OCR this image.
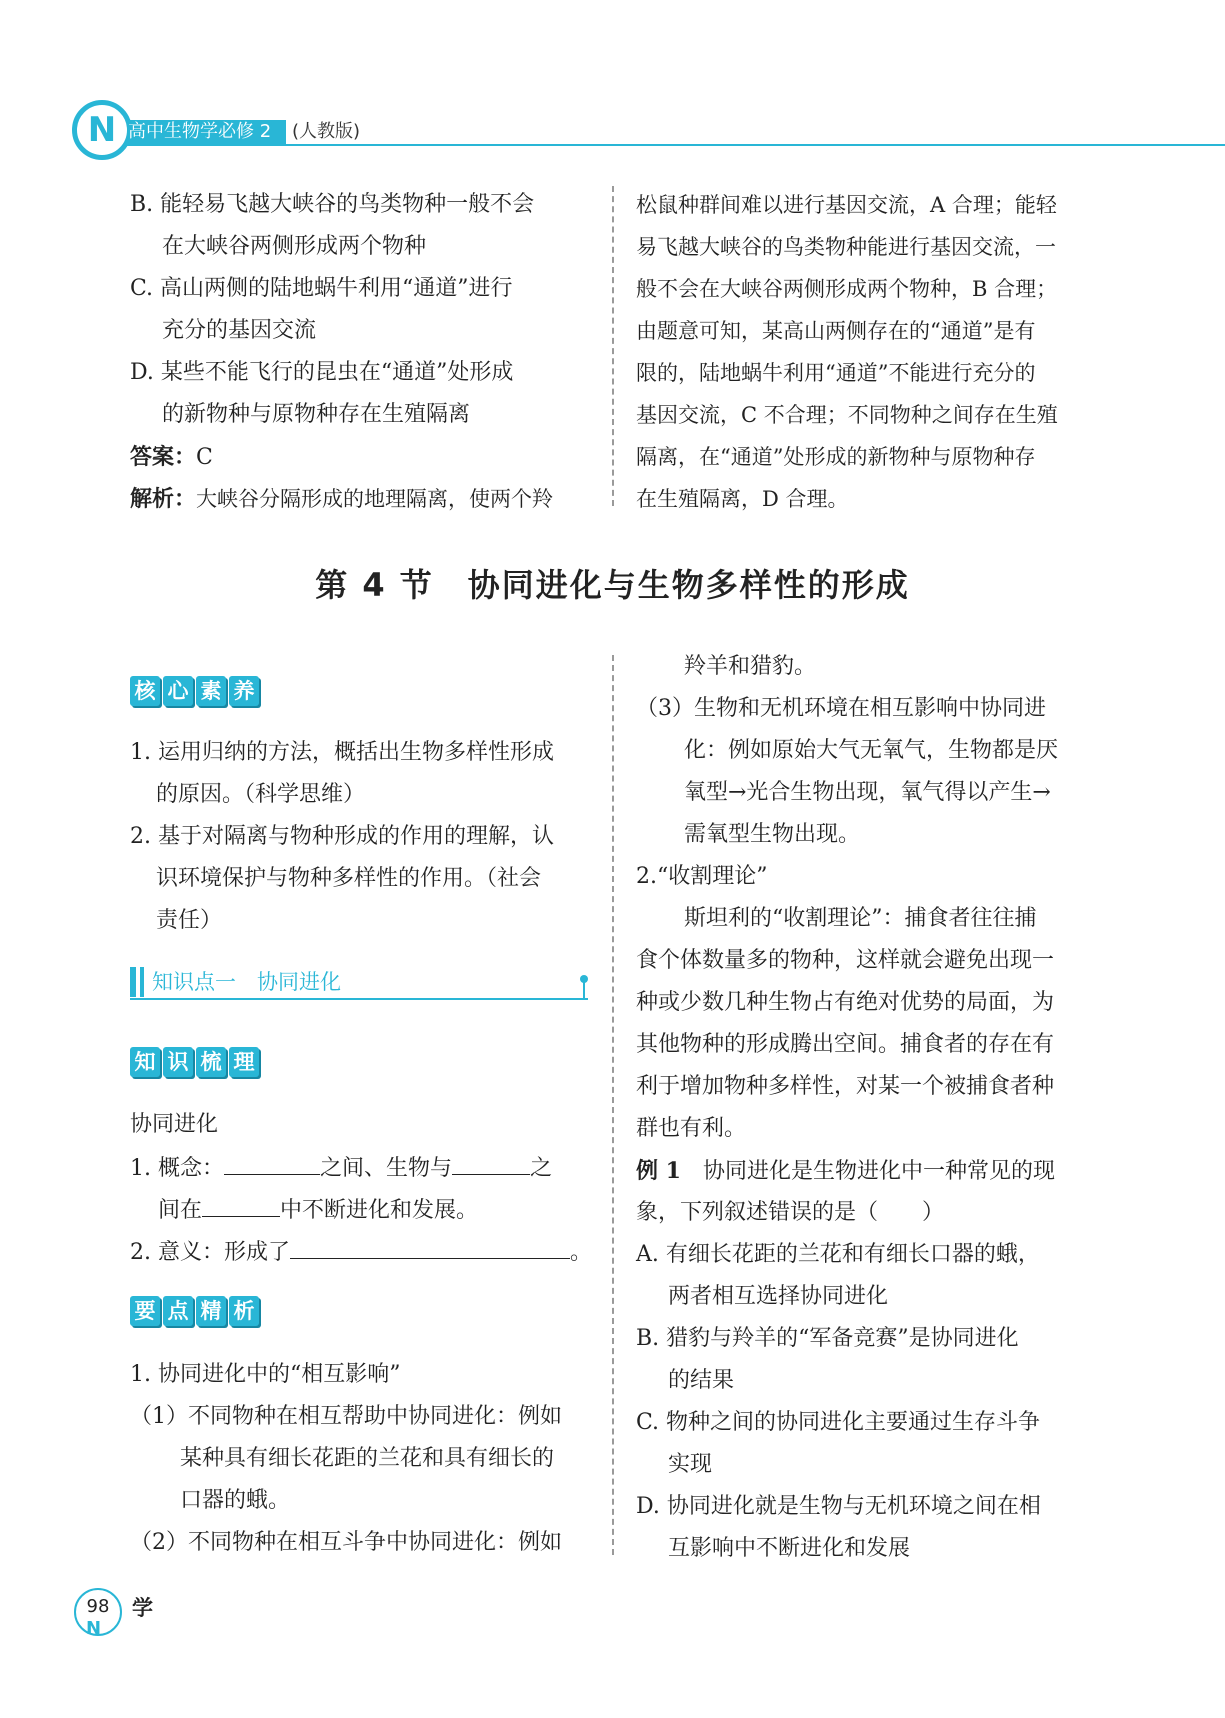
N 高中生物学必修 2 (人教版)
B. 能轻易飞越大峡谷的鸟类物种一般不会
在大峡谷两侧形成两个物种
C. 高山两侧的陆地蜗牛利用“通道”进行
充分的基因交流
D. 某些不能飞行的昆虫在“通道”处形成
的新物种与原物种存在生殖隔离
答案：C
解析：大峡谷分隔形成的地理隔离，使两个羚
松鼠种群间难以进行基因交流，A 合理；能轻
易飞越大峡谷的鸟类物种能进行基因交流，一
般不会在大峡谷两侧形成两个物种，B 合理；
由题意可知，某高山两侧存在的“通道”是有
限的，陆地蜗牛利用“通道”不能进行充分的
基因交流，C 不合理；不同物种之间存在生殖
隔离，在“通道”处形成的新物种与原物种存
在生殖隔离，D 合理。
第 4 节　协同进化与生物多样性的形成
核 心 素 养
1. 运用归纳的方法，概括出生物多样性形成
的原因。（科学思维）
2. 基于对隔离与物种形成的作用的理解，认
识环境保护与物种多样性的作用。（社会
责任）
知识点一　协同进化
知 识 梳 理
协同进化
1. 概念：	之间、生物与	之
间在	中不断进化和发展。
2. 意义：形成了	。
要 点 精 析
1. 协同进化中的“相互影响”
（1）不同物种在相互帮助中协同进化：例如
某种具有细长花距的兰花和具有细长的
口器的蛾。
（2）不同物种在相互斗争中协同进化：例如
羚羊和猎豹。
（3）生物和无机环境在相互影响中协同进
化：例如原始大气无氧气，生物都是厌
氧型→光合生物出现，氧气得以产生→
需氧型生物出现。
2.“收割理论”
斯坦利的“收割理论”：捕食者往往捕
食个体数量多的物种，这样就会避免出现一
种或少数几种生物占有绝对优势的局面，为
其他物种的形成腾出空间。捕食者的存在有
利于增加物种多样性，对某一个被捕食者种
群也有利。
例 1　 协同进化是生物进化中一种常见的现
象，下列叙述错误的是（　　）
A. 有细长花距的兰花和有细长口器的蛾，
两者相互选择协同进化
B. 猎豹与羚羊的“军备竞赛”是协同进化
的结果
C. 物种之间的协同进化主要通过生存斗争
实现
D. 协同进化就是生物与无机环境之间在相
互影响中不断进化和发展
98
N
学
